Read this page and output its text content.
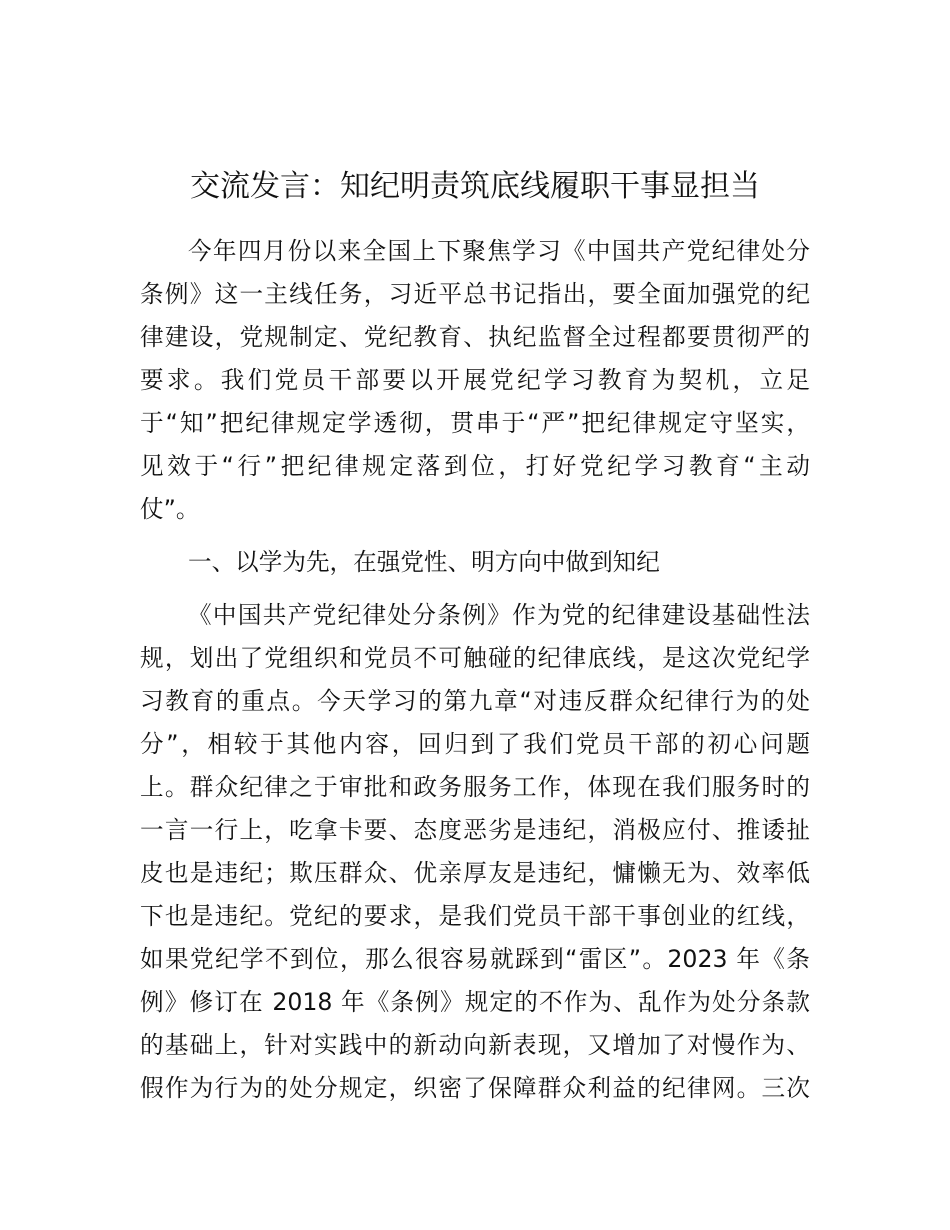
交流发言：知纪明责筑底线履职干事显担当

今年四月份以来全国上下聚焦学习《中国共产党纪律处分

条例》这一主线任务，习近平总书记指出，要全面加强党的纪

律建设，党规制定、党纪教育、执纪监督全过程都要贯彻严的

要求。我们党员干部要以开展党纪学习教育为契机，立足

于“知”把纪律规定学透彻，贯串于“严”把纪律规定守坚实，

见效于“行”把纪律规定落到位，打好党纪学习教育“主动

仗”。

一、以学为先，在强党性、明方向中做到知纪

《中国共产党纪律处分条例》作为党的纪律建设基础性法

规，划出了党组织和党员不可触碰的纪律底线，是这次党纪学

习教育的重点。今天学习的第九章“对违反群众纪律行为的处

分”，相较于其他内容，回归到了我们党员干部的初心问题

上。群众纪律之于审批和政务服务工作，体现在我们服务时的

一言一行上，吃拿卡要、态度恶劣是违纪，消极应付、推诿扯

皮也是违纪；欺压群众、优亲厚友是违纪，慵懒无为、效率低

下也是违纪。党纪的要求，是我们党员干部干事创业的红线，

如果党纪学不到位，那么很容易就踩到“雷区”。2023 年《条

例》修订在 2018 年《条例》规定的不作为、乱作为处分条款

的基础上，针对实践中的新动向新表现，又增加了对慢作为、

假作为行为的处分规定，织密了保障群众利益的纪律网。三次
